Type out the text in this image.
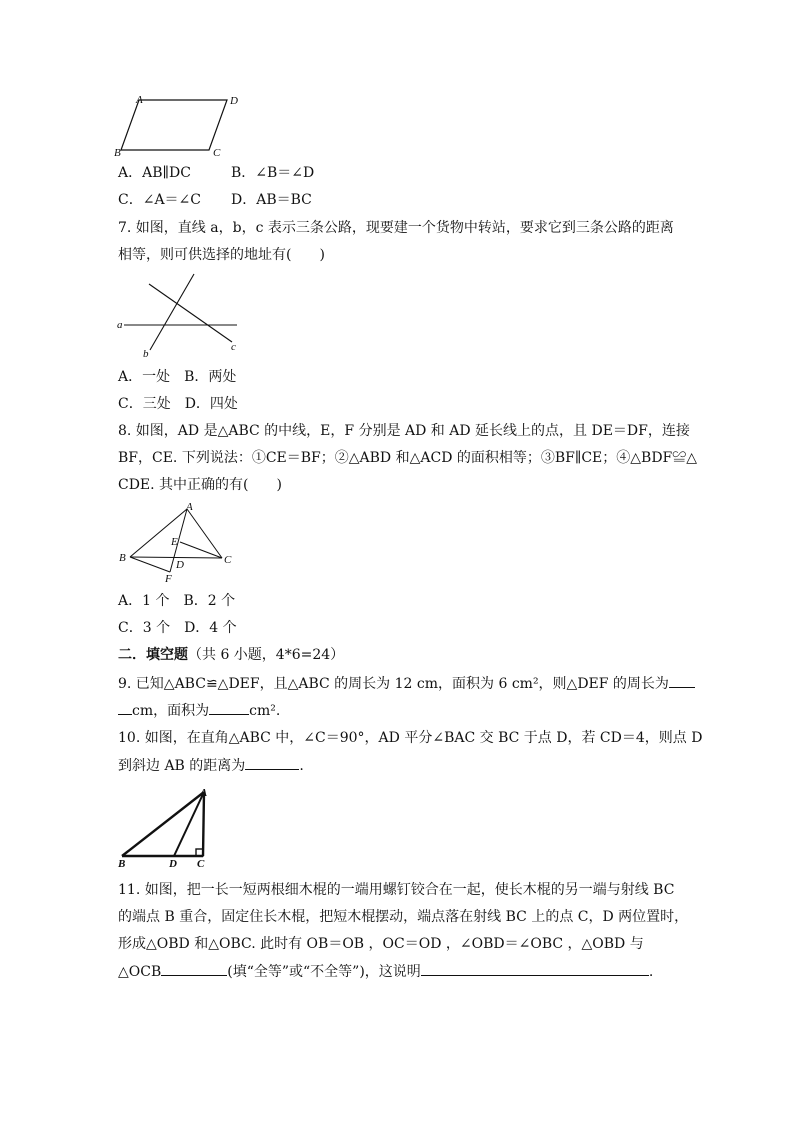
A	D
B	C
A．AB∥DC	B．∠B＝∠D
C．∠A＝∠C D．AB＝BC
7. 如图，直线 a，b，c 表示三条公路，现要建一个货物中转站，要求它到三条公路的距离
相等，则可供选择的地址有(　　)
a
b
c
A．一处　B．两处
C．三处　D．四处
8. 如图，AD 是△ABC 的中线，E，F 分别是 AD 和 AD 延长线上的点，且 DE＝DF，连接
BF，CE. 下列说法：①CE＝BF；②△ABD 和△ACD 的面积相等；③BF∥CE；④△BDF≌△
CDE. 其中正确的有(　　)
A
B
E
D	C
F
A．1 个　B．2 个
C．3 个　D．4 个
二．填空题（共 6 小题，4*6=24）
9. 已知△ABC≌△DEF，且△ABC 的周长为 12 cm，面积为 6 cm²，则△DEF 的周长为
cm，面积为	cm².
10. 如图，在直角△ABC 中，∠C＝90°，AD 平分∠BAC 交 BC 于点 D，若 CD＝4，则点 D
到斜边 AB 的距离为	.
A
B	D C
11. 如图，把一长一短两根细木棍的一端用螺钉铰合在一起，使长木棍的另一端与射线 BC
的端点 B 重合，固定住长木棍，把短木棍摆动，端点落在射线 BC 上的点 C，D 两位置时，
形成△OBD 和△OBC. 此时有 OB＝OB ，OC＝OD ，∠OBD＝∠OBC ，△OBD 与
△OCB	(填“全等”或“不全等”)，这说明	.
